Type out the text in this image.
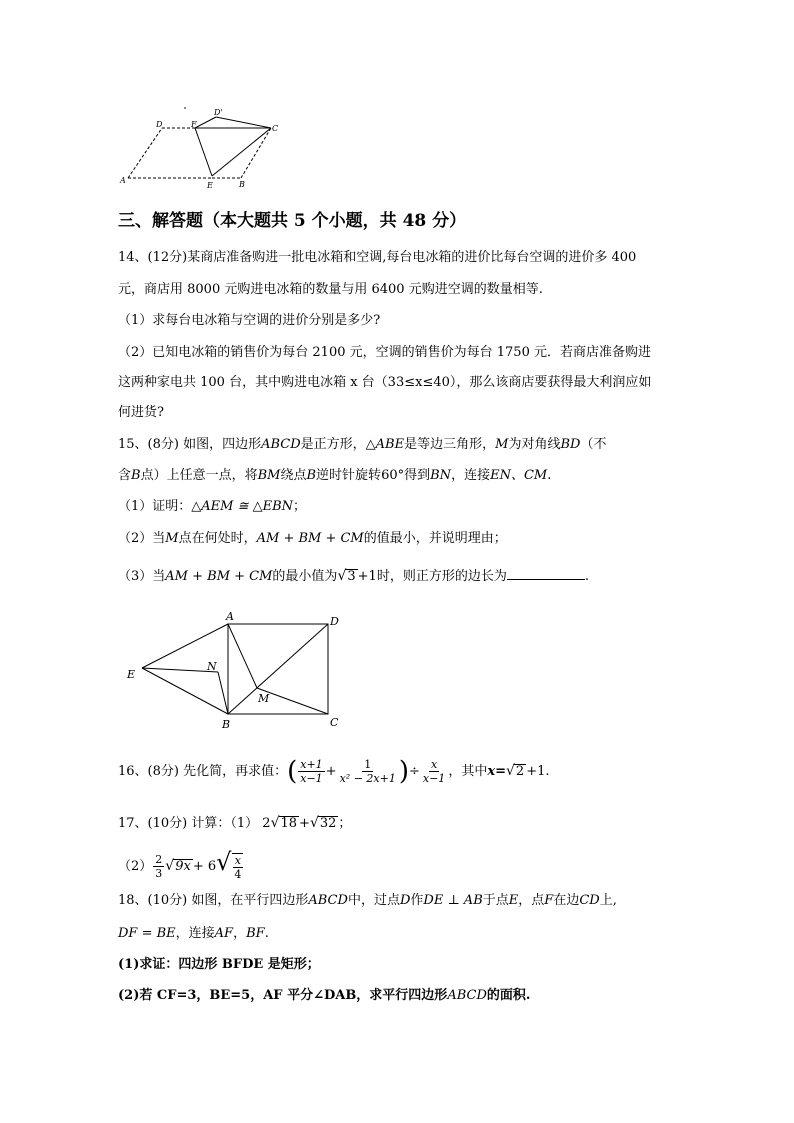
D	F
D'
C
A
E	B
三、解答题（本大题共 5 个小题，共 48 分）
14、(12分)某商店准备购进一批电冰箱和空调,每台电冰箱的进价比每台空调的进价多 400
元，商店用 8000 元购进电冰箱的数量与用 6400 元购进空调的数量相等.
（1）求每台电冰箱与空调的进价分别是多少?
（2）已知电冰箱的销售价为每台 2100 元，空调的销售价为每台 1750 元．若商店准备购进
这两种家电共 100 台，其中购进电冰箱 x 台（33≤x≤40），那么该商店要获得最大利润应如
何进货?
15、(8分) 如图，四边形ABCD是正方形，△ABE是等边三角形，M为对角线BD（不
含B点）上任意一点，将BM绕点B逆时针旋转60°得到BN，连接EN、CM.
（1）证明：△AEM ≅ △EBN；
（2）当M点在何处时，AM + BM + CM的值最小，并说明理由；
（3）当AM + BM + CM的最小值为√3 +1时，则正方形的边长为	.
A	D
E
N
M
B	C
16、(8分) 先化简，再求值：( $\frac{x+1}{x-1} + \frac{1}{\text{x² − 2x+1}}$ )÷ $\frac{x}{x-1}$ ，其中x=√2 +1.
17、(10分) 计算：（1） 2√18 +√32 ；
$(2) \frac{2}{3} √9x + 6√ \frac{x}{4}$
18、(10分) 如图，在平行四边形ABCD中，过点D作DE ⊥ AB于点E，点F在边CD上,
DF = BE，连接AF，BF.
(1)求证：四边形 BFDE 是矩形；
(2)若 CF=3，BE=5，AF 平分∠DAB，求平行四边形ABCD的面积.
